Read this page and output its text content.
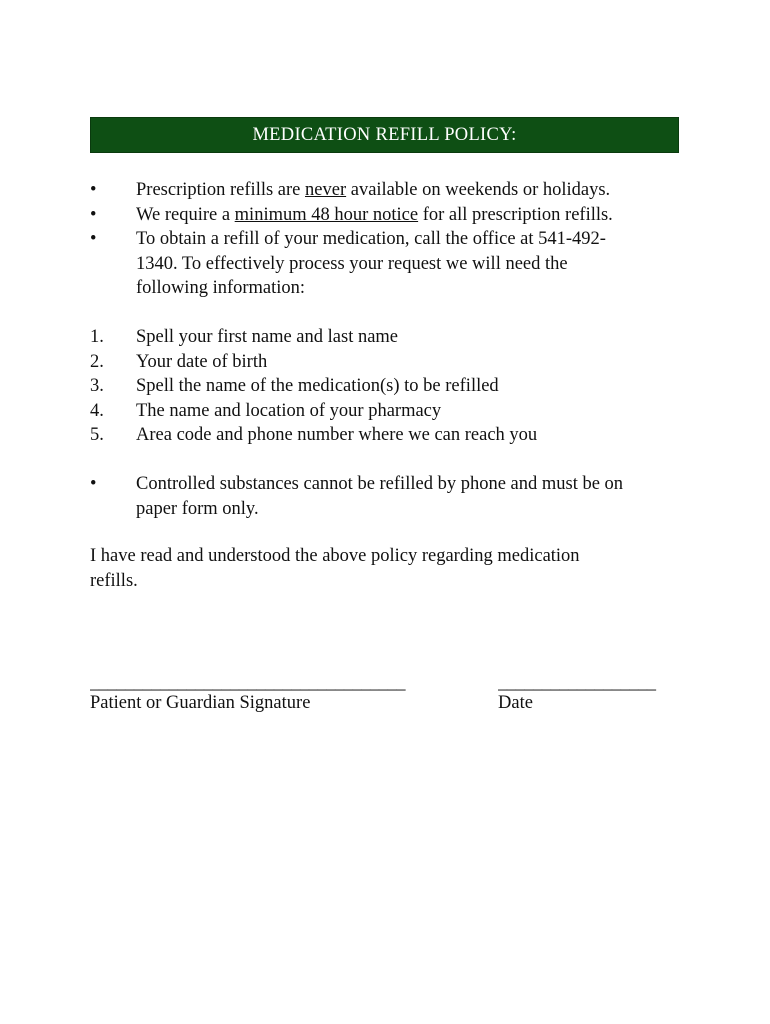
MEDICATION REFILL POLICY:
• Prescription refills are never available on weekends or holidays.
• We require a minimum 48 hour notice for all prescription refills.
• To obtain a refill of your medication, call the office at 541-492-
1340. To effectively process your request we will need the
following information:
1. Spell your first name and last name
2. Your date of birth
3. Spell the name of the medication(s) to be refilled
4. The name and location of your pharmacy
5. Area code and phone number where we can reach you
• Controlled substances cannot be refilled by phone and must be on
paper form only.
I have read and understood the above policy regarding medication
refills.
____________________________________	__________________
Patient or Guardian Signature	Date
